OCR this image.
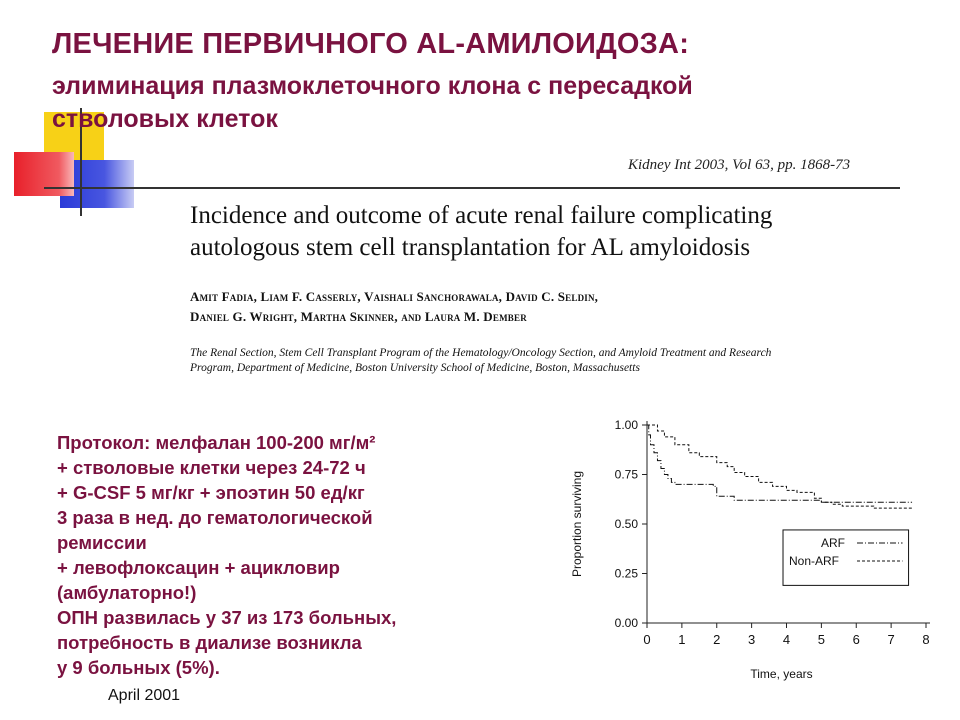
ЛЕЧЕНИЕ ПЕРВИЧНОГО AL-АМИЛОИДОЗА:
элиминация плазмоклеточного клона с пересадкой
стволовых клеток
Kidney Int 2003, Vol 63, pp. 1868-73
Incidence and outcome of acute renal failure complicating
autologous stem cell transplantation for AL amyloidosis
Amit Fadia, Liam F. Casserly, Vaishali Sanchorawala, David C. Seldin,
Daniel G. Wright, Martha Skinner, and Laura M. Dember
The Renal Section, Stem Cell Transplant Program of the Hematology/Oncology Section, and Amyloid Treatment and Research
Program, Department of Medicine, Boston University School of Medicine, Boston, Massachusetts
Протокол: мелфалан 100-200 мг/м²
+ стволовые клетки через 24-72 ч
+ G-CSF 5 мг/кг + эпоэтин 50 ед/кг
3 раза в нед. до гематологической
ремиссии
+ левофлоксацин + ацикловир
(амбулаторно!)
ОПН развилась у 37 из 173 больных,
потребность в диализе возникла
у 9 больных (5%).
0.00
0.25
0.50
0.75
1.00
0 1 2 3 4 5 6 7 8
Proportion surviving
Time, years
ARF
Non-ARF
April 2001
